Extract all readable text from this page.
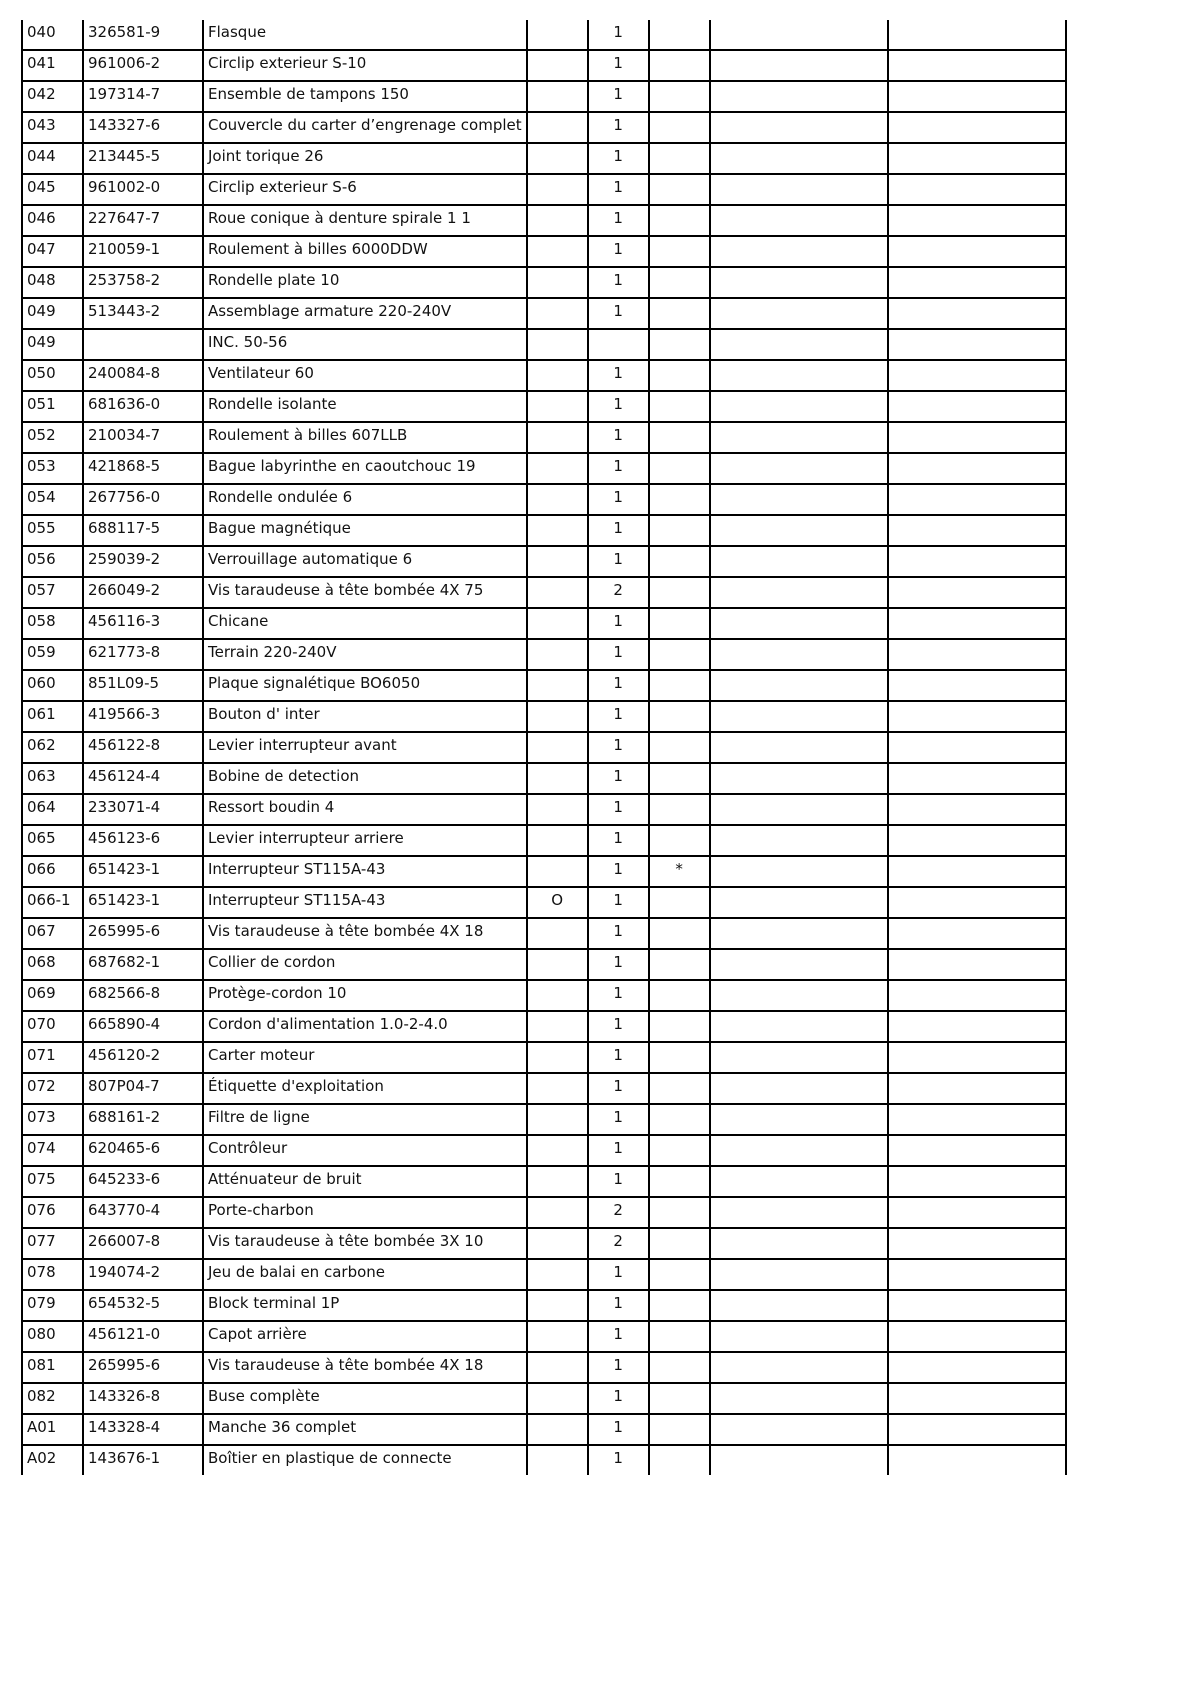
040	326581-9	Flasque		1			
041	961006-2	Circlip exterieur S-10		1			
042	197314-7	Ensemble de tampons 150		1			
043	143327-6	Couvercle du carter d’engrenage complet		1			
044	213445-5	Joint torique 26		1			
045	961002-0	Circlip exterieur S-6		1			
046	227647-7	Roue conique à denture spirale 1 1		1			
047	210059-1	Roulement à billes 6000DDW		1			
048	253758-2	Rondelle plate 10		1			
049	513443-2	Assemblage armature 220-240V		1			
049		INC. 50-56					
050	240084-8	Ventilateur 60		1			
051	681636-0	Rondelle isolante		1			
052	210034-7	Roulement à billes 607LLB		1			
053	421868-5	Bague labyrinthe en caoutchouc 19		1			
054	267756-0	Rondelle ondulée 6		1			
055	688117-5	Bague magnétique		1			
056	259039-2	Verrouillage automatique 6		1			
057	266049-2	Vis taraudeuse à tête bombée 4X 75		2			
058	456116-3	Chicane		1			
059	621773-8	Terrain 220-240V		1			
060	851L09-5	Plaque signalétique BO6050		1			
061	419566-3	Bouton d' inter		1			
062	456122-8	Levier interrupteur avant		1			
063	456124-4	Bobine de detection		1			
064	233071-4	Ressort boudin 4		1			
065	456123-6	Levier interrupteur arriere		1			
066	651423-1	Interrupteur ST115A-43		1	*		
066-1	651423-1	Interrupteur ST115A-43	O	1			
067	265995-6	Vis taraudeuse à tête bombée 4X 18		1			
068	687682-1	Collier de cordon		1			
069	682566-8	Protège-cordon 10		1			
070	665890-4	Cordon d'alimentation 1.0-2-4.0		1			
071	456120-2	Carter moteur		1			
072	807P04-7	Étiquette d'exploitation		1			
073	688161-2	Filtre de ligne		1			
074	620465-6	Contrôleur		1			
075	645233-6	Atténuateur de bruit		1			
076	643770-4	Porte-charbon		2			
077	266007-8	Vis taraudeuse à tête bombée 3X 10		2			
078	194074-2	Jeu de balai en carbone		1			
079	654532-5	Block terminal 1P		1			
080	456121-0	Capot arrière		1			
081	265995-6	Vis taraudeuse à tête bombée 4X 18		1			
082	143326-8	Buse complète		1			
A01	143328-4	Manche 36 complet		1			
A02	143676-1	Boîtier en plastique de connecte		1			
